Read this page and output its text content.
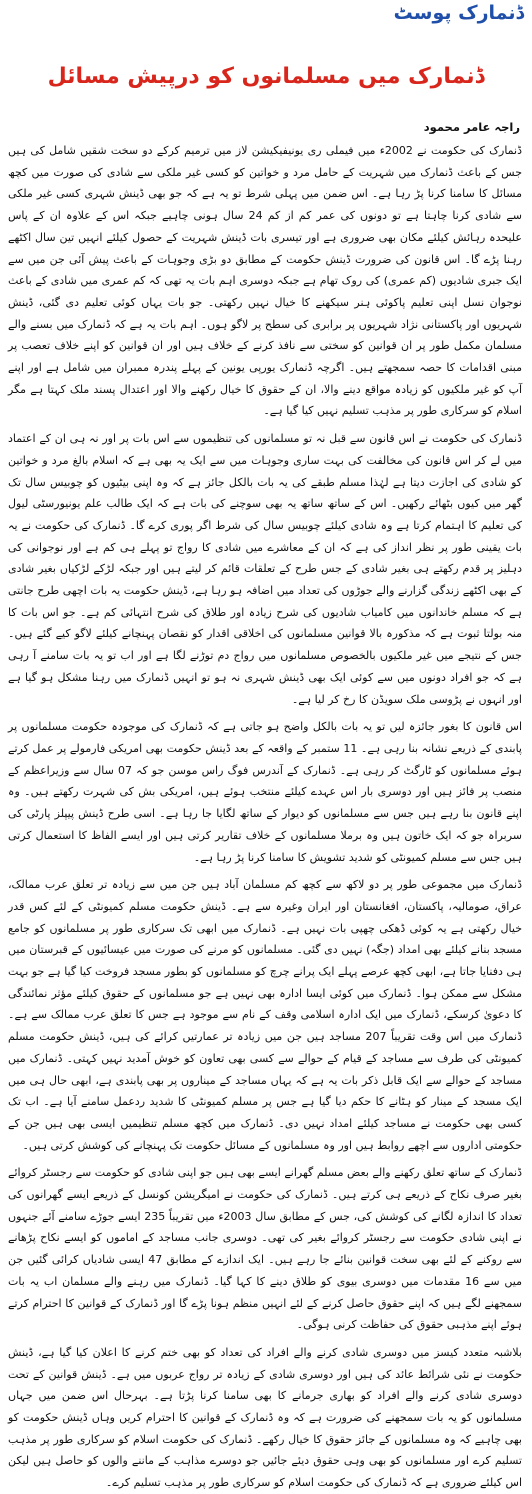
ڈنمارک پوسٹ
ڈنمارک میں مسلمانوں کو درپیش مسائل
راجہ عامر محمود

ڈنمارک کی حکومت نے 2002ء میں فیملی ری یونیفیکیشن لاز میں ترمیم کرکے دو سخت شقیں شامل کی ہیں جس کے باعث ڈنمارک میں شہریت کے حامل مرد و خواتین کو کسی غیر ملکی سے شادی کی صورت میں کچھ مسائل کا سامنا کرنا پڑ رہا ہے۔ اس ضمن میں پہلی شرط تو یہ ہے کہ جو بھی ڈینش شہری کسی غیر ملکی سے شادی کرنا چاہتا ہے تو دونوں کی عمر کم از کم 24 سال ہونی چاہیے جبکہ اس کے علاوہ ان کے پاس علیحدہ رہائش کیلئے مکان بھی ضروری ہے اور تیسری بات ڈینش شہریت کے حصول کیلئے انہیں تین سال اکٹھے رہنا پڑے گا۔ اس قانون کی ضرورت ڈینش حکومت کے مطابق دو بڑی وجوہات کے باعث پیش آئی جن میں سے ایک جبری شادیوں (کم عمری) کی روک تھام ہے جبکہ دوسری اہم بات یہ تھی کہ کم عمری میں شادی کے باعث نوجوان نسل اپنی تعلیم پاکوئی ہنر سیکھنے کا خیال نہیں رکھتی۔ جو بات یہاں کوئی تعلیم دی گئی، ڈینش شہریوں اور پاکستانی نژاد شہریوں پر برابری کی سطح پر لاگو ہوں۔ اہم بات یہ ہے کہ ڈنمارک میں بسنے والے مسلمان مکمل طور پر ان قوانین کو سختی سے نافذ کرنے کے خلاف ہیں اور ان قوانین کو اپنے خلاف تعصب پر مبنی اقدامات کا حصہ سمجھتے ہیں۔ اگرچہ ڈنمارک یورپی یونین کے پہلے پندرہ ممبران میں شامل ہے اور اپنے آپ کو غیر ملکیوں کو زیادہ مواقع دینے والا، ان کے حقوق کا خیال رکھنے والا اور اعتدال پسند ملک کہتا ہے مگر اسلام کو سرکاری طور پر مذہب تسلیم نہیں کیا گیا ہے۔

ڈنمارک کی حکومت نے اس قانون سے قبل نہ تو مسلمانوں کی تنظیموں سے اس بات پر اور نہ ہی ان کے اعتماد میں لے کر اس قانون کی مخالفت کی بہت ساری وجوہات میں سے ایک یہ بھی ہے کہ اسلام بالغ مرد و خواتین کو شادی کی اجازت دیتا ہے لہٰذا مسلم طبقے کی یہ بات بالکل جائز ہے کہ وہ اپنی بیٹیوں کو چوبیس سال تک گھر میں کیوں بٹھائے رکھیں۔ اس کے ساتھ ساتھ یہ بھی سوچنے کی بات ہے کہ ایک طالب علم یونیورسٹی لیول کی تعلیم کا اہتمام کرتا ہے وہ شادی کیلئے چوبیس سال کی شرط اگر پوری کرے گا۔ ڈنمارک کی حکومت نے یہ بات یقینی طور پر نظر انداز کی ہے کہ ان کے معاشرے میں شادی کا رواج تو پہلے ہی کم ہے اور نوجوانی کی دہلیز پر قدم رکھتے ہی بغیر شادی کے جس طرح کے تعلقات قائم کر لیتے ہیں اور جبکہ لڑکے لڑکیاں بغیر شادی کے بھی اکٹھے زندگی گزارنے والے جوڑوں کی تعداد میں اضافہ ہو رہا ہے، ڈینش حکومت یہ بات اچھی طرح جانتی ہے کہ مسلم خاندانوں میں کامیاب شادیوں کی شرح زیادہ اور طلاق کی شرح انتہائی کم ہے۔ جو اس بات کا منہ بولتا ثبوت ہے کہ مذکورہ بالا قوانین مسلمانوں کی اخلاقی اقدار کو نقصان پہنچانے کیلئے لاگو کیے گئے ہیں۔ جس کے نتیجے میں غیر ملکیوں بالخصوص مسلمانوں میں رواج دم توڑنے لگا ہے اور اب تو یہ بات سامنے آ رہی ہے کہ جو افراد دونوں میں سے کوئی ایک بھی ڈینش شہری نہ ہو تو انہیں ڈنمارک میں رہنا مشکل ہو گیا ہے اور انہوں نے پڑوسی ملک سویڈن کا رخ کر لیا ہے۔

اس قانون کا بغور جائزہ لیں تو یہ بات بالکل واضح ہو جاتی ہے کہ ڈنمارک کی موجودہ حکومت مسلمانوں پر پابندی کے ذریعے نشانہ بنا رہی ہے۔ 11 ستمبر کے واقعہ کے بعد ڈینش حکومت بھی امریکی فارمولے پر عمل کرتے ہوئے مسلمانوں کو ٹارگٹ کر رہی ہے۔ ڈنمارک کے آندرس فوگ راس موسن جو کہ 07 سال سے وزیراعظم کے منصب پر فائز ہیں اور دوسری بار اس عہدے کیلئے منتخب ہوئے ہیں، امریکی بش کی شہرت رکھتے ہیں۔ وہ اپنے قانون بنا رہے ہیں جس سے مسلمانوں کو دیوار کے ساتھ لگایا جا رہا ہے۔ اسی طرح ڈینش پیپلز پارٹی کی سربراہ جو کہ ایک خاتون ہیں وہ برملا مسلمانوں کے خلاف تقاریر کرتی ہیں اور ایسے الفاظ کا استعمال کرتی ہیں جس سے مسلم کمیونٹی کو شدید تشویش کا سامنا کرنا پڑ رہا ہے۔

ڈنمارک میں مجموعی طور پر دو لاکھ سے کچھ کم مسلمان آباد ہیں جن میں سے زیادہ تر تعلق عرب ممالک، عراق، صومالیہ، پاکستان، افغانستان اور ایران وغیرہ سے ہے۔ ڈینش حکومت مسلم کمیونٹی کے لئے کس قدر خیال رکھتی ہے یہ کوئی ڈھکی چھپی بات نہیں ہے۔ ڈنمارک میں ابھی تک سرکاری طور پر مسلمانوں کو جامع مسجد بنانے کیلئے بھی امداد (جگہ) نہیں دی گئی۔ مسلمانوں کو مرنے کی صورت میں عیسائیوں کے قبرستان میں ہی دفنایا جاتا ہے، ابھی کچھ عرصے پہلے ایک پرانے چرچ کو مسلمانوں کو بطور مسجد فروخت کیا گیا ہے جو بہت مشکل سے ممکن ہوا۔ ڈنمارک میں کوئی ایسا ادارہ بھی نہیں ہے جو مسلمانوں کے حقوق کیلئے مؤثر نمائندگی کا دعویٰ کرسکے، ڈنمارک میں ایک ادارہ اسلامی وقف کے نام سے موجود ہے جس کا تعلق عرب ممالک سے ہے۔ ڈنمارک میں اس وقت تقریباً 207 مساجد ہیں جن میں زیادہ تر عمارتیں کرائے کی ہیں، ڈینش حکومت مسلم کمیونٹی کی طرف سے مساجد کے قیام کے حوالے سے کسی بھی تعاون کو خوش آمدید نہیں کہتی۔ ڈنمارک میں مساجد کے حوالے سے ایک قابل ذکر بات یہ ہے کہ یہاں مساجد کے میناروں پر بھی پابندی ہے، ابھی حال ہی میں ایک مسجد کے مینار کو ہٹانے کا حکم دیا گیا ہے جس پر مسلم کمیونٹی کا شدید ردعمل سامنے آیا ہے۔ اب تک کسی بھی حکومت نے مساجد کیلئے امداد نہیں دی۔ ڈنمارک میں کچھ مسلم تنظیمیں ایسی بھی ہیں جن کے حکومتی اداروں سے اچھے روابط ہیں اور وہ مسلمانوں کے مسائل حکومت تک پہنچانے کی کوشش کرتی ہیں۔

ڈنمارک کے ساتھ تعلق رکھنے والے بعض مسلم گھرانے ایسے بھی ہیں جو اپنی شادی کو حکومت سے رجسٹر کروائے بغیر صرف نکاح کے ذریعے ہی کرتے ہیں۔ ڈنمارک کی حکومت نے امیگریشن کونسل کے ذریعے ایسے گھرانوں کی تعداد کا اندازہ لگانے کی کوشش کی، جس کے مطابق سال 2003ء میں تقریباً 235 ایسے جوڑے سامنے آئے جنہوں نے اپنی شادی حکومت سے رجسٹر کروائے بغیر کی تھی۔ دوسری جانب مساجد کے اماموں کو ایسے نکاح پڑھانے سے روکنے کے لئے بھی سخت قوانین بنائے جا رہے ہیں۔ ایک اندازے کے مطابق 47 ایسی شادیاں کرائی گئیں جن میں سے 16 مقدمات میں دوسری بیوی کو طلاق دینے کا کہا گیا۔ ڈنمارک میں رہنے والے مسلمان اب یہ بات سمجھنے لگے ہیں کہ اپنے حقوق حاصل کرنے کے لئے انہیں منظم ہونا پڑے گا اور ڈنمارک کے قوانین کا احترام کرتے ہوئے اپنے مذہبی حقوق کی حفاظت کرنی ہوگی۔

بلاشبہ متعدد کیسز میں دوسری شادی کرنے والے افراد کی تعداد کو بھی ختم کرنے کا اعلان کیا گیا ہے، ڈینش حکومت نے نئی شرائط عائد کی ہیں اور دوسری شادی کے زیادہ تر رواج عربوں میں ہے۔ ڈینش قوانین کے تحت دوسری شادی کرنے والے افراد کو بھاری جرمانے کا بھی سامنا کرنا پڑتا ہے۔ بہرحال اس ضمن میں جہاں مسلمانوں کو یہ بات سمجھنے کی ضرورت ہے کہ وہ ڈنمارک کے قوانین کا احترام کریں وہاں ڈینش حکومت کو بھی چاہیے کہ وہ مسلمانوں کے جائز حقوق کا خیال رکھے۔ ڈنمارک کی حکومت اسلام کو سرکاری طور پر مذہب تسلیم کرے اور مسلمانوں کو بھی وہی حقوق دیئے جائیں جو دوسرے مذاہب کے ماننے والوں کو حاصل ہیں لیکن اس کیلئے ضروری ہے کہ ڈنمارک کی حکومت اسلام کو سرکاری طور پر مذہب تسلیم کرے۔
